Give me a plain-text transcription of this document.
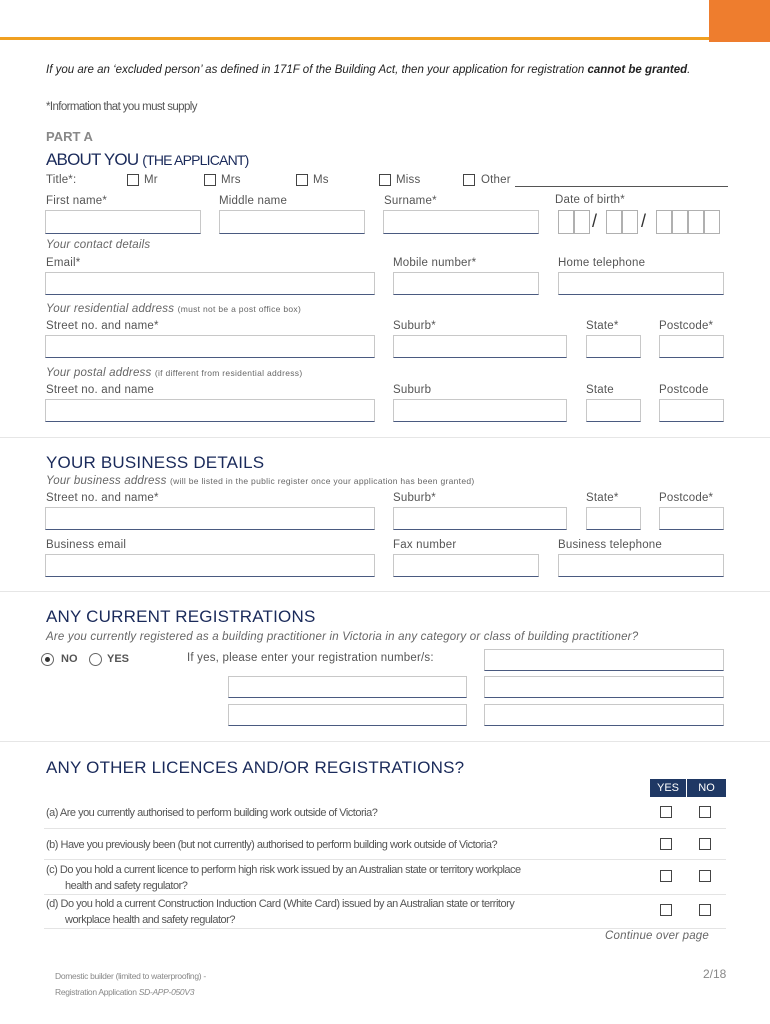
If you are an ‘excluded person’ as defined in 171F of the Building Act, then your application for registration cannot be granted.
*Information that you must supply
PART A
ABOUT YOU (THE APPLICANT)
Title*:	Mr	Mrs	Ms	Miss	Other
First name*	Middle name	Surname*	Date of birth*
/ /
Your contact details
Email*	Mobile number*	Home telephone
Your residential address (must not be a post office box)
Street no. and name*	Suburb*	State*	Postcode*
Your postal address (if different from residential address)
Street no. and name	Suburb	State	Postcode
YOUR BUSINESS DETAILS
Your business address (will be listed in the public register once your application has been granted)
Street no. and name*	Suburb*	State*	Postcode*
Business email	Fax number	Business telephone
ANY CURRENT REGISTRATIONS
Are you currently registered as a building practitioner in Victoria in any category or class of building practitioner?
NO	YES	If yes, please enter your registration number/s:
ANY OTHER LICENCES AND/OR REGISTRATIONS?
YES	NO
(a) Are you currently authorised to perform building work outside of Victoria?
(b) Have you previously been (but not currently) authorised to perform building work outside of Victoria?
(c) Do you hold a current licence to perform high risk work issued by an Australian state or territory workplace
health and safety regulator?
(d) Do you hold a current Construction Induction Card (White Card) issued by an Australian state or territory
workplace health and safety regulator?
Continue over page
Domestic builder (limited to waterproofing) -
Registration Application SD-APP-050V3
2/18
